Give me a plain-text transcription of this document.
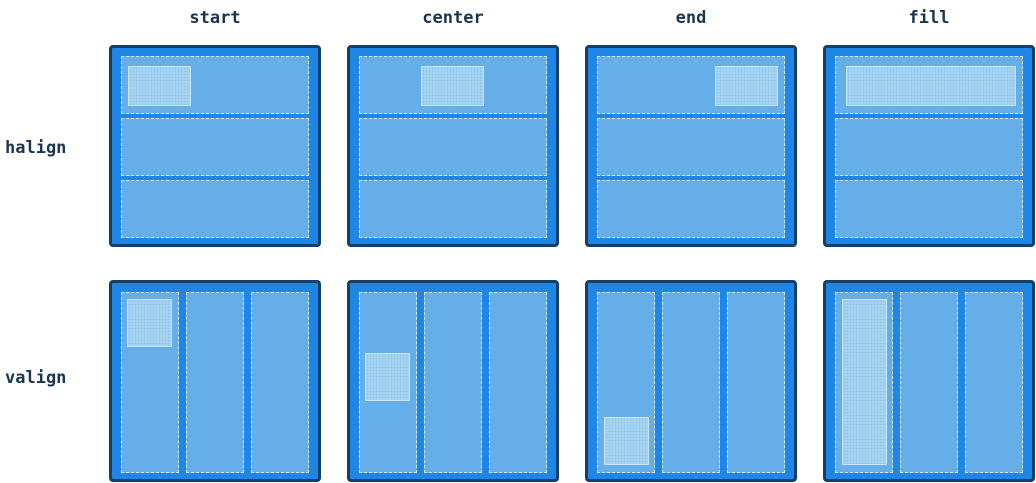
start	center	end	fill
halign
valign
